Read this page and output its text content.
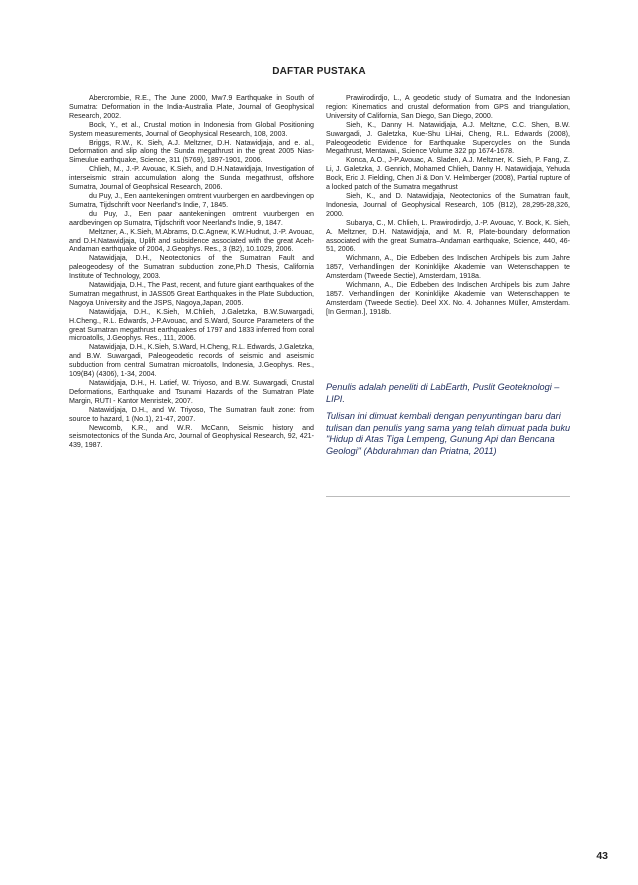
DAFTAR PUSTAKA

Abercrombie, R.E., The June 2000, Mw7.9 Earthquake in South of Sumatra: Deformation in the India-Australia Plate, Journal of Geophysical Research, 2002.

Bock, Y., et al., Crustal motion in Indonesia from Global Positioning System measurements, Journal of Geophysical Research, 108, 2003.

Briggs, R.W., K. Sieh, A.J. Meltzner, D.H. Natawidjaja, and e. al., Deformation and slip along the Sunda megathrust in the great 2005 Nias-Simeulue earthquake, Science, 311 (5769), 1897-1901, 2006.

Chlieh, M., J.-P. Avouac, K.Sieh, and D.H.Natawidjaja, Investigation of interseismic strain accumulation along the Sunda megathrust, offshore Sumatra, Journal of Geophsical Research, 2006.

du Puy, J., Een aantekeningen omtrent vuurbergen en aardbevingen op Sumatra, Tijdschrift voor Neerland's Indie, 7, 1845.

du Puy, J., Een paar aantekeningen omtrent vuurbergen en aardbevingen op Sumatra, Tijdschrift voor Neerland's Indie, 9, 1847.

Meltzner, A., K.Sieh, M.Abrams, D.C.Agnew, K.W.Hudnut, J.-P. Avouac, and D.H.Natawidjaja, Uplift and subsidence associated with the great Aceh-Andaman earthquake of 2004, J.Geophys. Res., 3 (B2), 10.1029, 2006.

Natawidjaja, D.H., Neotectonics of the Sumatran Fault and paleogeodesy of the Sumatran subduction zone,Ph.D Thesis, California Institute of Technology, 2003.

Natawidjaja, D.H., The Past, recent, and future giant earthquakes of the Sumatran megathrust, in JASS05 Great Earthquakes in the Plate Subduction, Nagoya University and the JSPS, Nagoya,Japan, 2005.

Natawidjaja, D.H., K.Sieh, M.Chlieh, J.Galetzka, B.W.Suwargadi, H.Cheng., R.L. Edwards, J-P.Avouac, and S.Ward, Source Parameters of the great Sumatran megathrust earthquakes of 1797 and 1833 inferred from coral microatolls, J.Geophys. Res., 111, 2006.

Natawidjaja, D.H., K.Sieh, S.Ward, H.Cheng, R.L. Edwards, J.Galetzka, and B.W. Suwargadi, Paleogeodetic records of seismic and aseismic subduction from central Sumatran microatolls, Indonesia, J.Geophys. Res., 109(B4) (4306), 1-34, 2004.

Natawidjaja, D.H., H. Latief, W. Triyoso, and B.W. Suwargadi, Crustal Deformations, Earthquake and Tsunami Hazards of the Sumatran Plate Margin, RUTI - Kantor Menristek, 2007.

Natawidjaja, D.H., and W. Triyoso, The Sumatran fault zone: from source to hazard, 1 (No.1), 21-47, 2007.

Newcomb, K.R., and W.R. McCann, Seismic history and seismotectonics of the Sunda Arc, Journal of Geophysical Research, 92, 421-439, 1987.

Prawirodirdjo, L., A geodetic study of Sumatra and the Indonesian region: Kinematics and crustal deformation from GPS and triangulation, University of California, San Diego, San Diego, 2000.

Sieh, K., Danny H. Natawidjaja, A.J. Meltzne, C.C. Shen, B.W. Suwargadi, J. Galetzka, Kue-Shu LiHai, Cheng, R.L. Edwards (2008), Paleogeodetic Evidence for Earthquake Supercycles on the Sunda Megathrust, Mentawai., Science Volume 322 pp 1674-1678.

Konca, A.O., J-P.Avouac, A. Sladen, A.J. Meltzner, K. Sieh, P. Fang, Z. Li, J. Galetzka, J. Genrich, Mohamed Chlieh, Danny H. Natawidjaja, Yehuda Bock, Eric J. Fielding, Chen Ji & Don V. Helmberger (2008), Partial rupture of a locked patch of the Sumatra megathrust

Sieh, K., and D. Natawidjaja, Neotectonics of the Sumatran fault, Indonesia, Journal of Geophysical Research, 105 (B12), 28,295-28,326, 2000.

Subarya, C., M. Chlieh, L. Prawirodirdjo, J.-P. Avouac, Y. Bock, K. Sieh, A. Meltzner, D.H. Natawidjaja, and M. R, Plate-boundary deformation associated with the great Sumatra–Andaman earthquake, Science, 440, 46-51, 2006.

Wichmann, A., Die Edbeben des Indischen Archipels bis zum Jahre 1857, Verhandlingen der Koninklijke Akademie van Wetenschappen te Amsterdam (Tweede Sectie), Amsterdam, 1918a.

Wichmann, A., Die Edbeben des Indischen Archipels bis zum Jahre 1857. Verhandlingen der Koninklijke Akademie van Wetenschappen te Amsterdam (Tweede Sectie). Deel XX. No. 4. Johannes Müller, Amsterdam. [In German.], 1918b.

Penulis adalah peneliti di LabEarth, Puslit Geoteknologi – LIPI.

Tulisan ini dimuat kembali dengan penyuntingan baru dari tulisan dan penulis yang sama yang telah dimuat pada buku "Hidup di Atas Tiga Lempeng, Gunung Api dan Bencana Geologi" (Abdurahman dan Priatna, 2011)

43
